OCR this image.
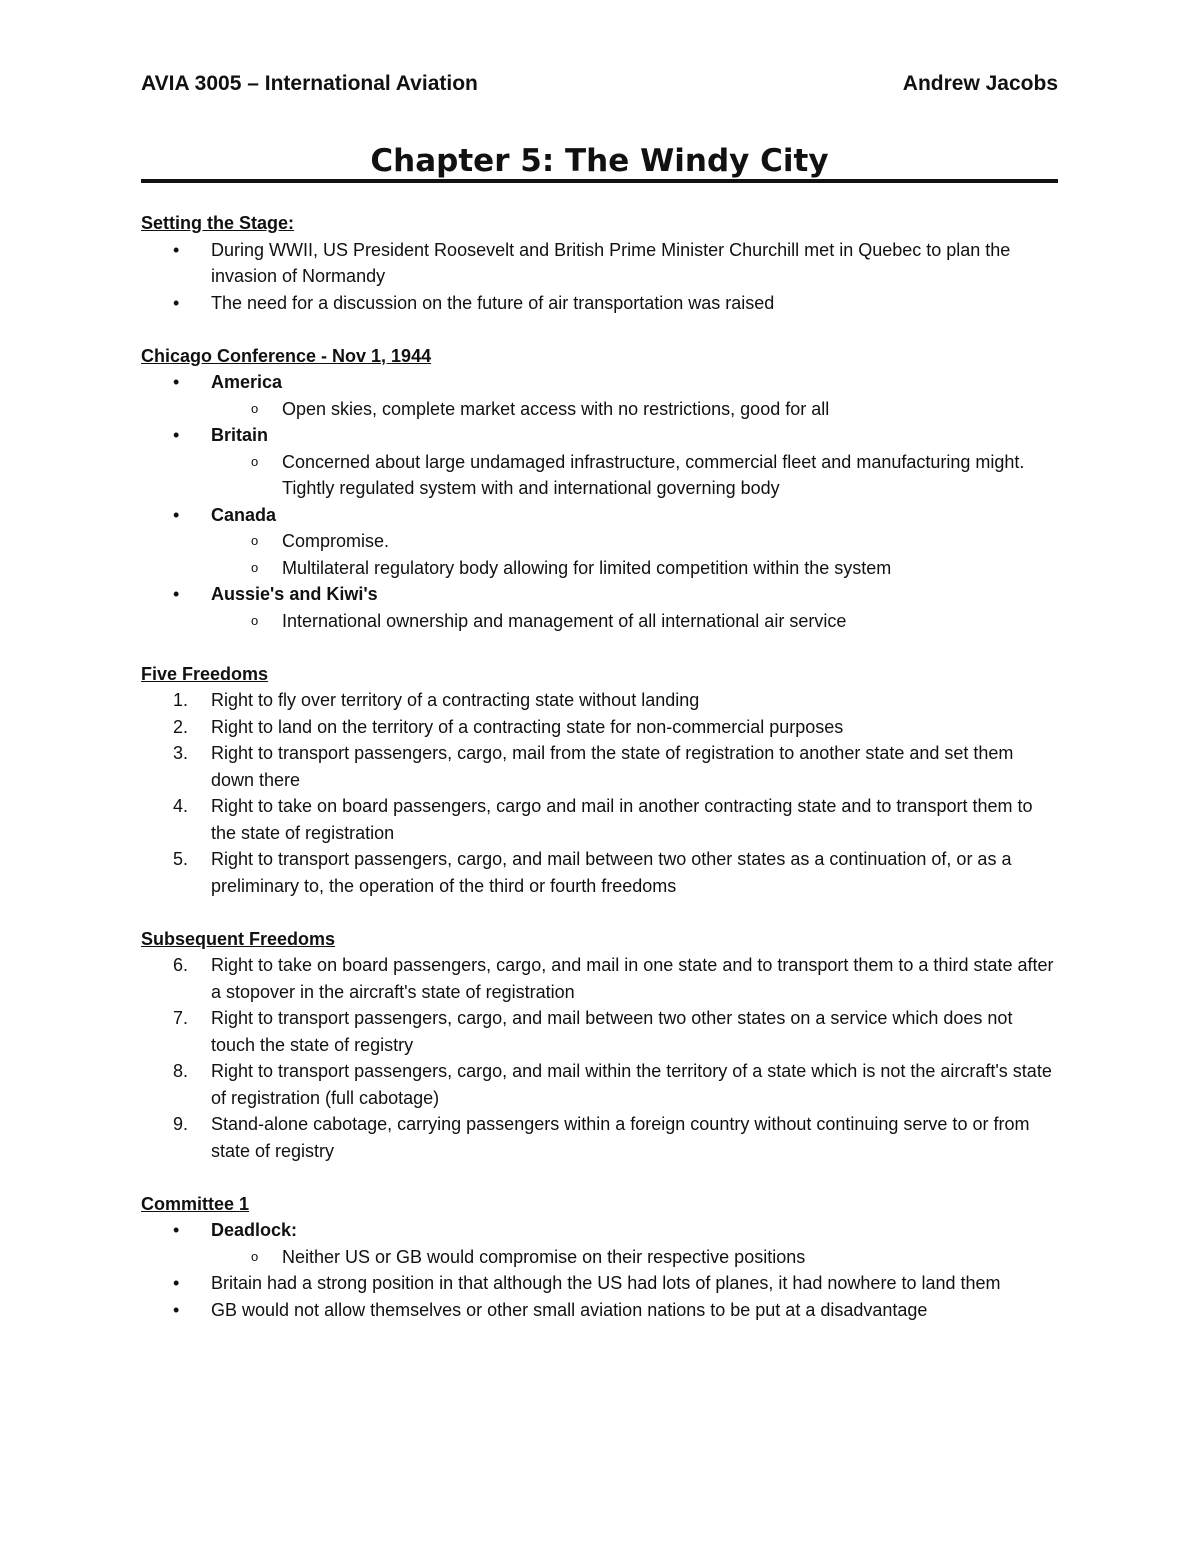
AVIA 3005 – International Aviation	Andrew Jacobs
Chapter 5: The Windy City
Setting the Stage:
• During WWII, US President Roosevelt and British Prime Minister Churchill met in Quebec to plan the invasion of Normandy
• The need for a discussion on the future of air transportation was raised
Chicago Conference - Nov 1, 1944
• America
o Open skies, complete market access with no restrictions, good for all
• Britain
o Concerned about large undamaged infrastructure, commercial fleet and manufacturing might. Tightly regulated system with and international governing body
• Canada
o Compromise.
o Multilateral regulatory body allowing for limited competition within the system
• Aussie's and Kiwi's
o International ownership and management of all international air service
Five Freedoms
1. Right to fly over territory of a contracting state without landing
2. Right to land on the territory of a contracting state for non-commercial purposes
3. Right to transport passengers, cargo, mail from the state of registration to another state and set them down there
4. Right to take on board passengers, cargo and mail in another contracting state and to transport them to the state of registration
5. Right to transport passengers, cargo, and mail between two other states as a continuation of, or as a preliminary to, the operation of the third or fourth freedoms
Subsequent Freedoms
6. Right to take on board passengers, cargo, and mail in one state and to transport them to a third state after a stopover in the aircraft's state of registration
7. Right to transport passengers, cargo, and mail between two other states on a service which does not touch the state of registry
8. Right to transport passengers, cargo, and mail within the territory of a state which is not the aircraft's state of registration (full cabotage)
9. Stand-alone cabotage, carrying passengers within a foreign country without continuing serve to or from state of registry
Committee 1
• Deadlock:
o Neither US or GB would compromise on their respective positions
• Britain had a strong position in that although the US had lots of planes, it had nowhere to land them
• GB would not allow themselves or other small aviation nations to be put at a disadvantage
